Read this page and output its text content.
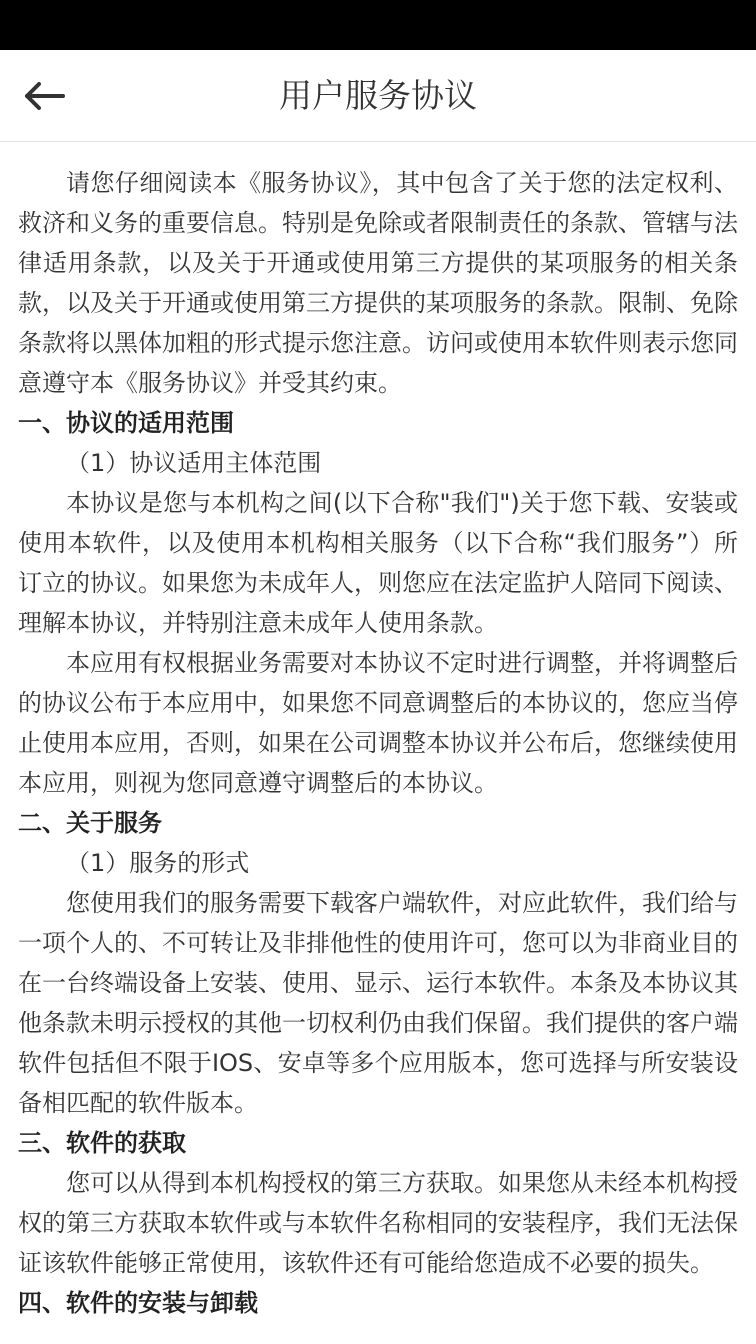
用户服务协议

请您仔细阅读本《服务协议》，其中包含了关于您的法定权利、救济和义务的重要信息。特别是免除或者限制责任的条款、管辖与法律适用条款，以及关于开通或使用第三方提供的某项服务的相关条款，以及关于开通或使用第三方提供的某项服务的条款。限制、免除条款将以黑体加粗的形式提示您注意。访问或使用本软件则表示您同意遵守本《服务协议》并受其约束。

一、协议的适用范围

（1）协议适用主体范围

本协议是您与本机构之间(以下合称"我们")关于您下载、安装或使用本软件，以及使用本机构相关服务（以下合称“我们服务”）所订立的协议。如果您为未成年人，则您应在法定监护人陪同下阅读、理解本协议，并特别注意未成年人使用条款。

本应用有权根据业务需要对本协议不定时进行调整，并将调整后的协议公布于本应用中，如果您不同意调整后的本协议的，您应当停止使用本应用，否则，如果在公司调整本协议并公布后，您继续使用本应用，则视为您同意遵守调整后的本协议。

二、关于服务

（1）服务的形式

您使用我们的服务需要下载客户端软件，对应此软件，我们给与一项个人的、不可转让及非排他性的使用许可，您可以为非商业目的在一台终端设备上安装、使用、显示、运行本软件。本条及本协议其他条款未明示授权的其他一切权利仍由我们保留。我们提供的客户端软件包括但不限于IOS、安卓等多个应用版本，您可选择与所安装设备相匹配的软件版本。

三、软件的获取

您可以从得到本机构授权的第三方获取。如果您从未经本机构授权的第三方获取本软件或与本软件名称相同的安装程序，我们无法保证该软件能够正常使用，该软件还有可能给您造成不必要的损失。

四、软件的安装与卸载
